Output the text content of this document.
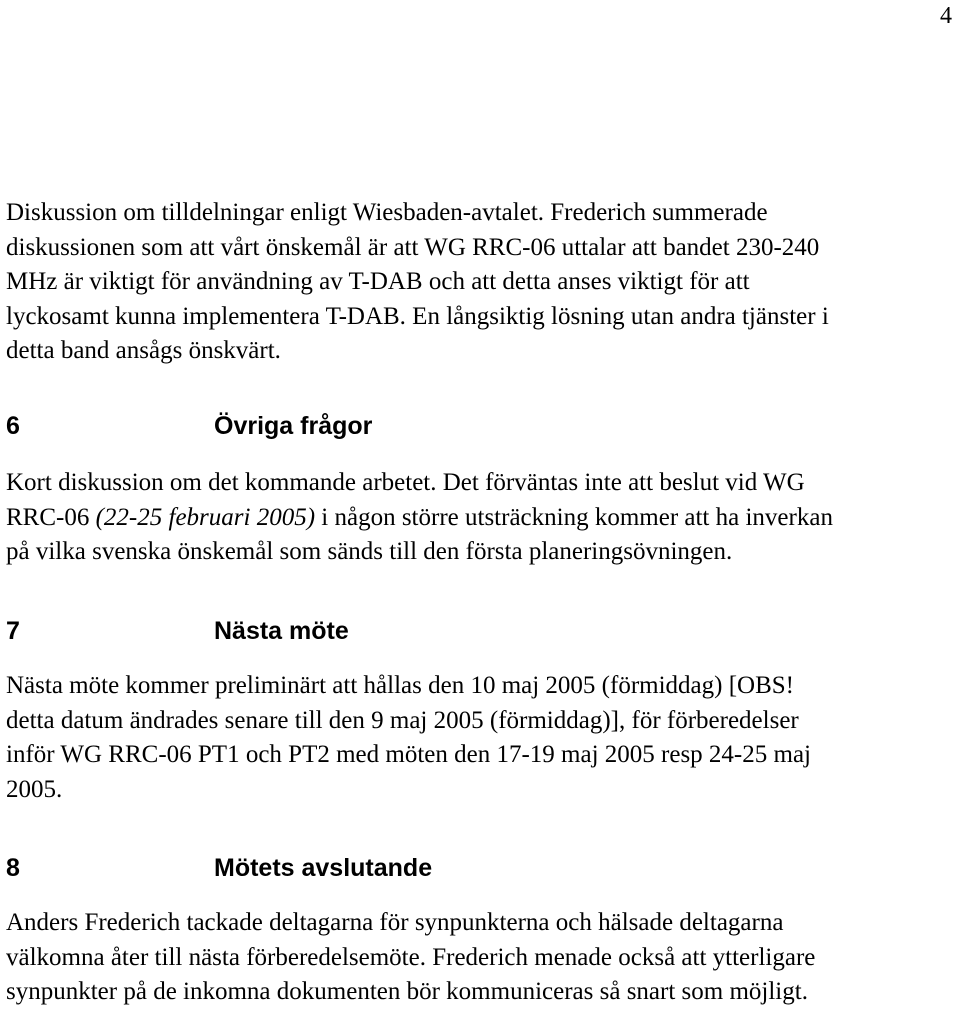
4

Diskussion om tilldelningar enligt Wiesbaden-avtalet. Frederich summerade
diskussionen som att vårt önskemål är att WG RRC-06 uttalar att bandet 230-240
MHz är viktigt för användning av T-DAB och att detta anses viktigt för att
lyckosamt kunna implementera T-DAB. En långsiktig lösning utan andra tjänster i
detta band ansågs önskvärt.

6	Övriga frågor

Kort diskussion om det kommande arbetet. Det förväntas inte att beslut vid WG
RRC-06 (22-25 februari 2005) i någon större utsträckning kommer att ha inverkan
på vilka svenska önskemål som sänds till den första planeringsövningen.

7	Nästa möte

Nästa möte kommer preliminärt att hållas den 10 maj 2005 (förmiddag) [OBS!
detta datum ändrades senare till den 9 maj 2005 (förmiddag)], för förberedelser
inför WG RRC-06 PT1 och PT2 med möten den 17-19 maj 2005 resp 24-25 maj
2005.

8	Mötets avslutande

Anders Frederich tackade deltagarna för synpunkterna och hälsade deltagarna
välkomna åter till nästa förberedelsemöte. Frederich menade också att ytterligare
synpunkter på de inkomna dokumenten bör kommuniceras så snart som möjligt.
